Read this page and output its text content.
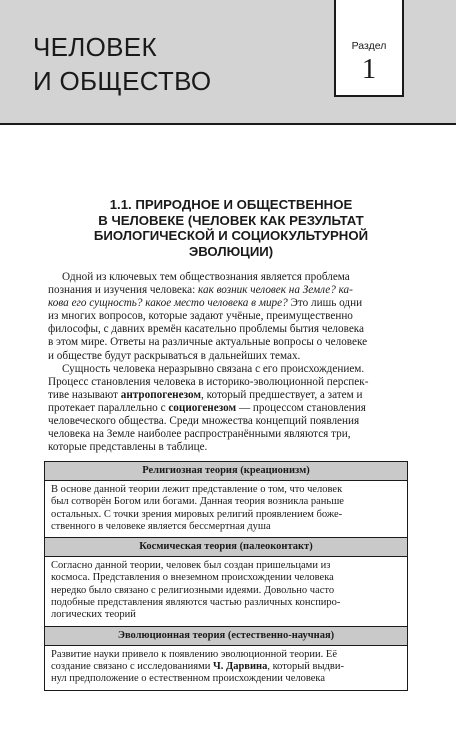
ЧЕЛОВЕК
И ОБЩЕСТВО
Раздел
1
1.1. ПРИРОДНОЕ И ОБЩЕСТВЕННОЕ
В ЧЕЛОВЕКЕ (ЧЕЛОВЕК КАК РЕЗУЛЬТАТ
БИОЛОГИЧЕСКОЙ И СОЦИОКУЛЬТУРНОЙ
ЭВОЛЮЦИИ)
Одной из ключевых тем обществознания является проблема
познания и изучения человека: как возник человек на Земле? ка-
кова его сущность? какое место человека в мире? Это лишь одни
из многих вопросов, которые задают учёные, преимущественно
философы, с давних времён касательно проблемы бытия человека
в этом мире. Ответы на различные актуальные вопросы о человеке
и обществе будут раскрываться в дальнейших темах.
Сущность человека неразрывно связана с его происхождением.
Процесс становления человека в историко-эволюционной перспек-
тиве называют антропогенезом, который предшествует, а затем и
протекает параллельно с социогенезом — процессом становления
человеческого общества. Среди множества концепций появления
человека на Земле наиболее распространёнными являются три,
которые представлены в таблице.
Религиозная теория (креационизм)
В основе данной теории лежит представление о том, что человек
был сотворён Богом или богами. Данная теория возникла раньше
остальных. С точки зрения мировых религий проявлением боже-
ственного в человеке является бессмертная душа
Космическая теория (палеоконтакт)
Согласно данной теории, человек был создан пришельцами из
космоса. Представления о внеземном происхождении человека
нередко было связано с религиозными идеями. Довольно часто
подобные представления являются частью различных конспиро-
логических теорий
Эволюционная теория (естественно-научная)
Развитие науки привело к появлению эволюционной теории. Её
создание связано с исследованиями Ч. Дарвина, который выдви-
нул предположение о естественном происхождении человека
